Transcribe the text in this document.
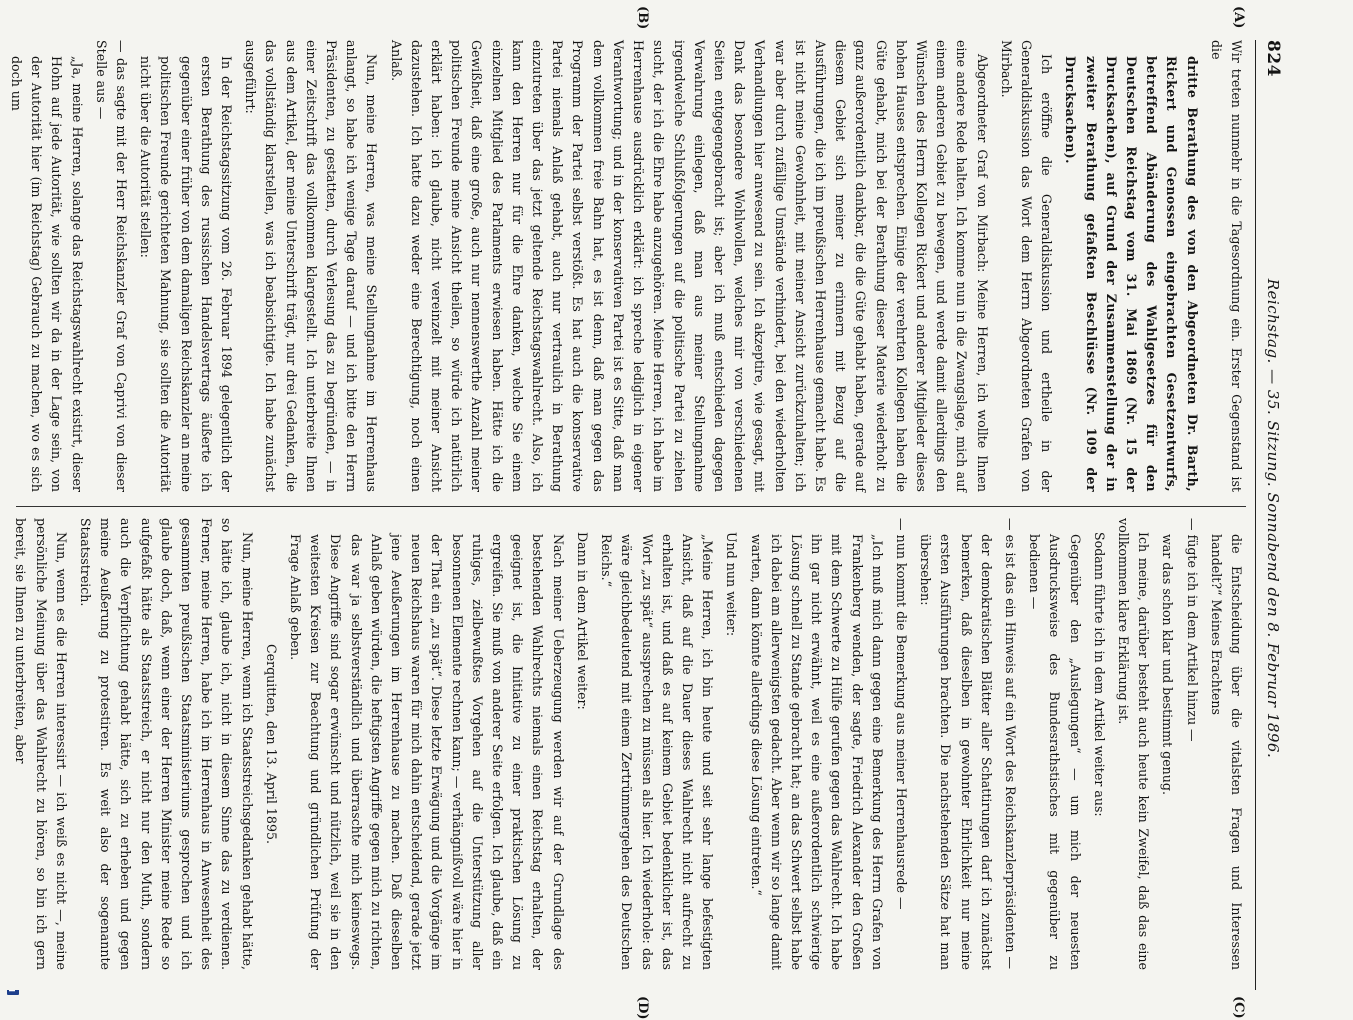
824
Reichstag. — 35. Sitzung. Sonnabend den 8. Februar 1896.
(A)
(B)
(C)
(D)

Wir treten nunmehr in die Tagesordnung ein. Erster Gegenstand ist die

dritte Berathung des von den Abgeordneten Dr. Barth, Rickert und Genossen eingebrachten Gesetzentwurfs, betreffend Abänderung des Wahlgesetzes für den Deutschen Reichstag vom 31. Mai 1869 (Nr. 15 der Drucksachen), auf Grund der Zusammenstellung der in zweiter Berathung gefaßten Beschlüsse (Nr. 109 der Drucksachen).

Ich eröffne die Generaldiskussion und ertheile in der Generaldiskussion das Wort dem Herrn Abgeordneten Grafen von Mirbach.

Abgeordneter Graf von Mirbach: Meine Herren, ich wollte Ihnen eine andere Rede halten. Ich komme nun in die Zwangslage, mich auf einem anderen Gebiet zu bewegen, und werde damit allerdings den Wünschen des Herrn Kollegen Rickert und anderer Mitglieder dieses hohen Hauses entsprechen. Einige der verehrten Kollegen haben die Güte gehabt, mich bei der Berathung dieser Materie wiederholt zu ganz außerordentlich dankbar, die die Güte gehabt haben, gerade auf diesem Gebiet sich meiner zu erinnern mit Bezug auf die Ausführungen, die ich im preußischen Herrenhause gemacht habe. Es ist nicht meine Gewohnheit, mit meiner Ansicht zurückzuhalten; ich war aber durch zufällige Umstände verhindert, bei den wiederholten Verhandlungen hier anwesend zu sein. Ich akzeptire, wie gesagt, mit Dank das besondere Wohlwollen, welches mir von verschiedenen Seiten entgegengebracht ist; aber ich muß entschieden dagegen Verwahrung einlegen, daß man aus meiner Stellungnahme irgendwelche Schlußfolgerungen auf die politische Partei zu ziehen sucht, der ich die Ehre habe anzugehören. Meine Herren, ich habe im Herrenhause ausdrücklich erklärt: ich spreche lediglich in eigener Verantwortung; und in der konservativen Partei ist es Sitte, daß man dem vollkommen freie Bahn hat, es ist denn, daß man gegen das Programm der Partei selbst verstößt. Es hat auch die konservative Partei niemals Anlaß gehabt, auch nur vertraulich in Berathung einzutreten über das jetzt geltende Reichstagswahlrecht. Also, ich kann den Herren nur für die Ehre danken, welche Sie einem einzelnen Mitglied des Parlaments erwiesen haben. Hätte ich die Gewißheit, daß eine große, auch nur nennenswerthe Anzahl meiner politischen Freunde meine Ansicht theilen, so würde ich natürlich erklärt haben: ich glaube, nicht vereinzelt mit meiner Ansicht dazustehen. Ich hatte dazu weder eine Berechtigung, noch einen Anlaß.

Nun, meine Herren, was meine Stellungnahme im Herrenhaus anlangt, so habe ich wenige Tage darauf — und ich bitte den Herrn Präsidenten, zu gestatten, durch Verlesung das zu begründen, — in einer Zeitschrift das vollkommen klargestellt. Ich unterbreite Ihnen aus dem Artikel, der meine Unterschrift trägt, nur drei Gedanken, die das vollständig klarstellen, was ich beabsichtigte. Ich habe zunächst ausgeführt:

In der Reichstagssitzung vom 26. Februar 1894 gelegentlich der ersten Berathung des russischen Handelsvertrags äußerte ich gegenüber einer früher von dem damaligen Reichskanzler an meine politischen Freunde gerichteten Mahnung, sie sollten die Autorität nicht über die Autorität stellen:

— das sagte mit der Herr Reichskanzler Graf von Caprivi von dieser Stelle aus —

„Ja, meine Herren, solange das Reichstagswahlrecht existirt, dieser Hohn auf jede Autorität, wie sollten wir da in der Lage sein, von der Autorität hier (im Reichstag) Gebrauch zu machen, wo es sich doch um

die Entscheidung über die vitalsten Fragen und Interessen handelt?“ Meines Erachtens

— fügte ich in dem Artikel hinzu —

war das schon klar und bestimmt genug.

Ich meine, darüber besteht auch heute kein Zweifel, daß das eine vollkommen klare Erklärung ist.

Sodann führte ich in dem Artikel weiter aus:

Gegenüber den „Auslegungen“ — um mich der neuesten Ausdrucksweise des Bundesrathstisches mit gegenüber zu bedienen —

— es ist das ein Hinweis auf ein Wort des Reichskanzlerpräsidenten —

der demokratischen Blätter aller Schattirungen darf ich zunächst bemerken, daß dieselben in gewohnter Ehrlichkeit nur meine ersten Ausführungen brachten. Die nachstehenden Sätze hat man übersehen:

— nun kommt die Bemerkung aus meiner Herrenhausrede —

„Ich muß mich dann gegen eine Bemerkung des Herrn Grafen von Frankenberg wenden, der sagte, Friedrich Alexander den Großen mit dem Schwerte zu Hülfe gerufen gegen das Wahlrecht. Ich habe ihn gar nicht erwähnt, weil es eine außerordentlich schwierige Lösung schnell zu Stande gebracht hat; an das Schwert selbst habe ich dabei am allerwenigsten gedacht. Aber wenn wir so lange damit warten, dann könnte allerdings diese Lösung eintreten.“

Und nun weiter:

„Meine Herren, ich bin heute und seit sehr lange befestigten Ansicht, daß auf die Dauer dieses Wahlrecht nicht aufrecht zu erhalten ist, und daß es auf keinem Gebiet bedenklicher ist, das Wort „zu spät“ aussprechen zu müssen als hier. Ich wiederhole: das wäre gleichbedeutend mit einem Zertrümmergehen des Deutschen Reichs.“

Dann in dem Artikel weiter:

Nach meiner Ueberzeugung werden wir auf der Grundlage des bestehenden Wahlrechts niemals einen Reichstag erhalten, der geeignet ist, die Initiative zu einer praktischen Lösung zu ergreifen. Sie muß von anderer Seite erfolgen. Ich glaube, daß ein ruhiges, zielbewußtes Vorgehen auf die Unterstützung aller besonnenen Elemente rechnen kann; — verhängnißvoll wäre hier in der That ein „zu spät“. Diese letzte Erwägung und die Vorgänge im neuen Reichshaus waren für mich dahin entscheidend, gerade jetzt jene Aeußerungen im Herrenhause zu machen. Daß dieselben Anlaß geben würden, die heftigsten Angriffe gegen mich zu richten, das war ja selbstverständlich und überraschte mich keineswegs. Diese Angriffe sind sogar erwünscht und nützlich, weil sie in den weitesten Kreisen zur Beachtung und gründlichen Prüfung der Frage Anlaß geben.

Cerquitten, den 13. April 1895.

Nun, meine Herren, wenn ich Staatsstreichsgedanken gehabt hätte, so hätte ich, glaube ich, nicht in diesem Sinne das zu verdienen. Ferner, meine Herren, habe ich im Herrenhaus in Anwesenheit des gesammten preußischen Staatsministeriums gesprochen und ich glaube doch, daß, wenn einer der Herren Minister meine Rede so aufgefaßt hätte als Staatsstreich, er nicht nur den Muth, sondern auch die Verpflichtung gehabt hätte, sich zu erheben und gegen meine Aeußerung zu protestiren. Es weit also der sogenannte Staatsstreich.

Nun, wenn es die Herren interessirt — ich weiß es nicht —, meine persönliche Meinung über das Wahlrecht zu hören, so bin ich gern bereit, sie Ihnen zu unterbreiten, aber
